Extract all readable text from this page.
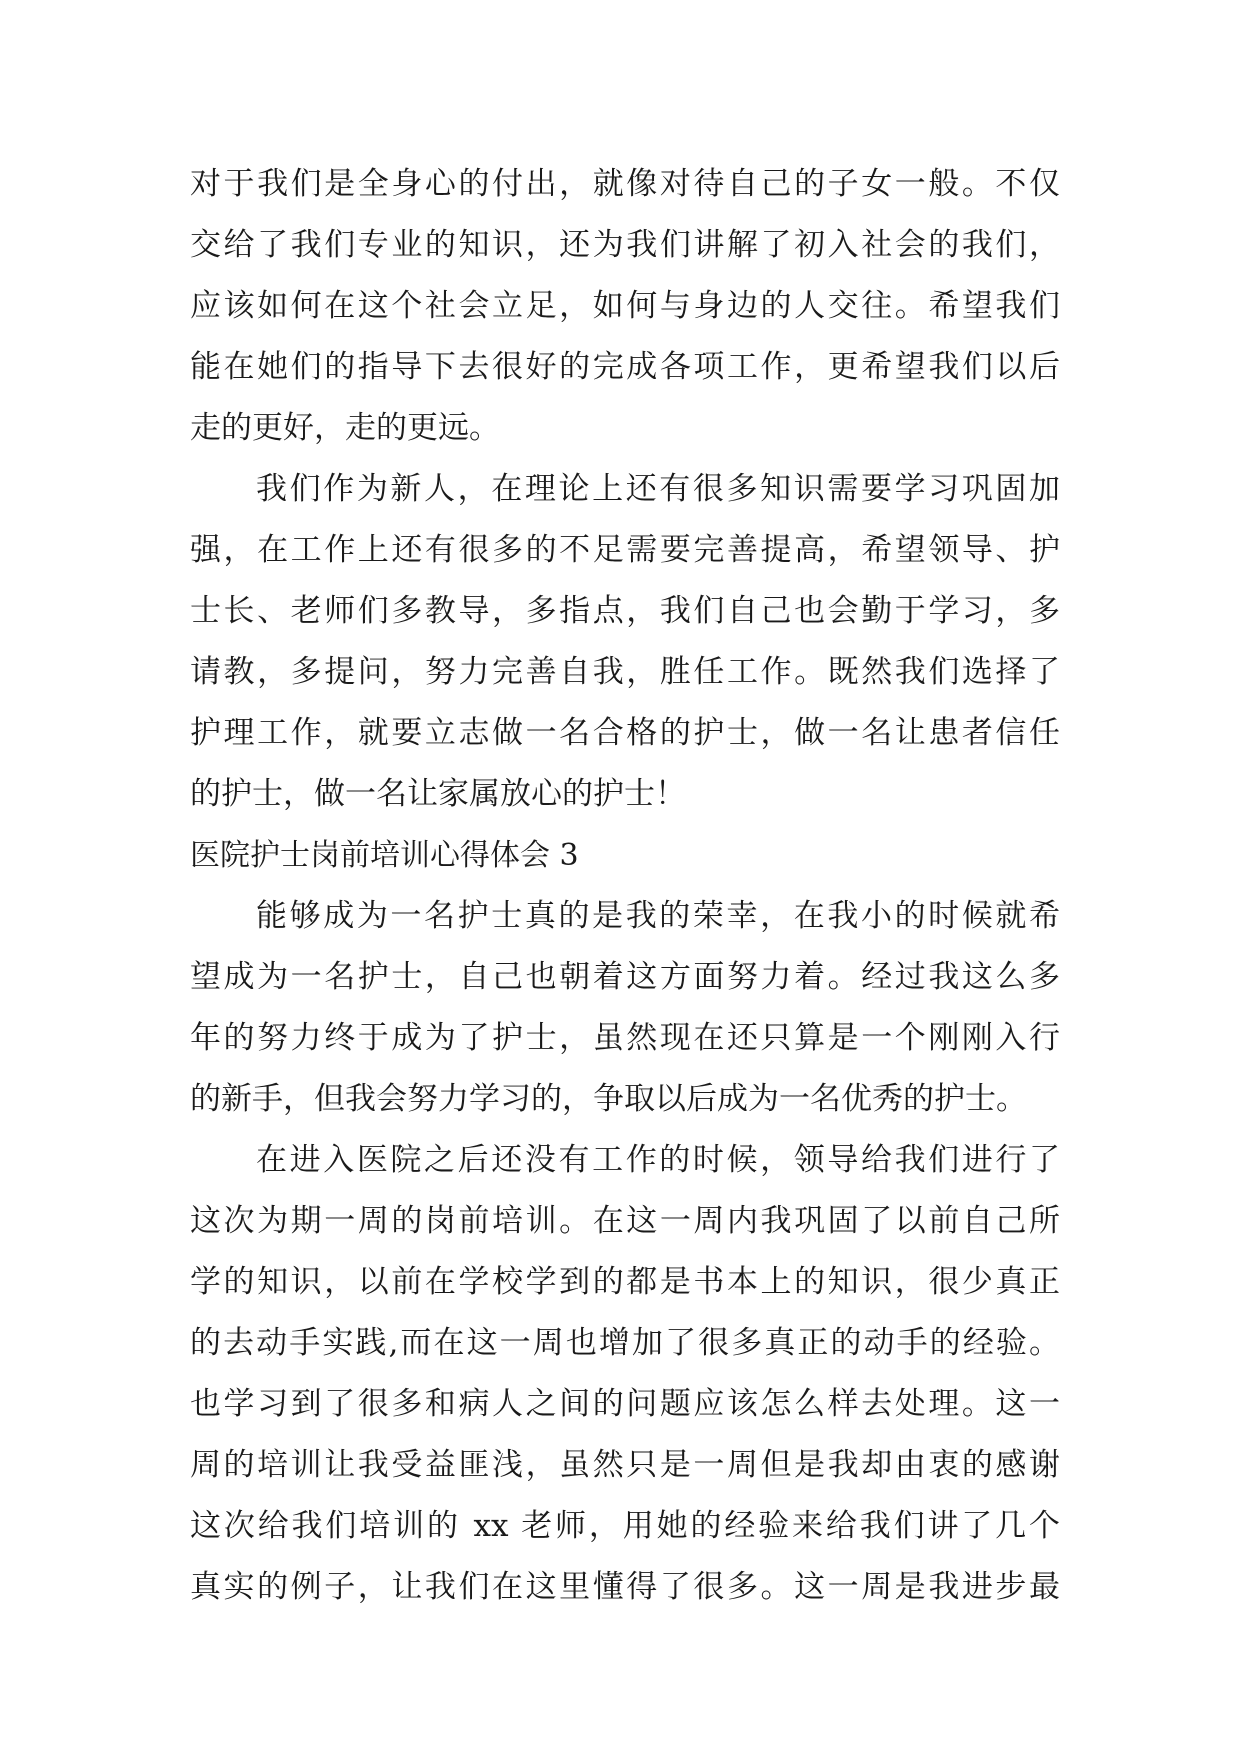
对于我们是全身心的付出，就像对待自己的子女一般。不仅
交给了我们专业的知识，还为我们讲解了初入社会的我们，
应该如何在这个社会立足，如何与身边的人交往。希望我们
能在她们的指导下去很好的完成各项工作，更希望我们以后
走的更好，走的更远。
我们作为新人，在理论上还有很多知识需要学习巩固加
强，在工作上还有很多的不足需要完善提高，希望领导、护
士长、老师们多教导，多指点，我们自己也会勤于学习，多
请教，多提问，努力完善自我，胜任工作。既然我们选择了
护理工作，就要立志做一名合格的护士，做一名让患者信任
的护士，做一名让家属放心的护士！
医院护士岗前培训心得体会 3
能够成为一名护士真的是我的荣幸，在我小的时候就希
望成为一名护士，自己也朝着这方面努力着。经过我这么多
年的努力终于成为了护士，虽然现在还只算是一个刚刚入行
的新手，但我会努力学习的，争取以后成为一名优秀的护士。
在进入医院之后还没有工作的时候，领导给我们进行了
这次为期一周的岗前培训。在这一周内我巩固了以前自己所
学的知识，以前在学校学到的都是书本上的知识，很少真正
的去动手实践,而在这一周也增加了很多真正的动手的经验。
也学习到了很多和病人之间的问题应该怎么样去处理。这一
周的培训让我受益匪浅，虽然只是一周但是我却由衷的感谢
这次给我们培训的 xx 老师，用她的经验来给我们讲了几个
真实的例子，让我们在这里懂得了很多。这一周是我进步最
